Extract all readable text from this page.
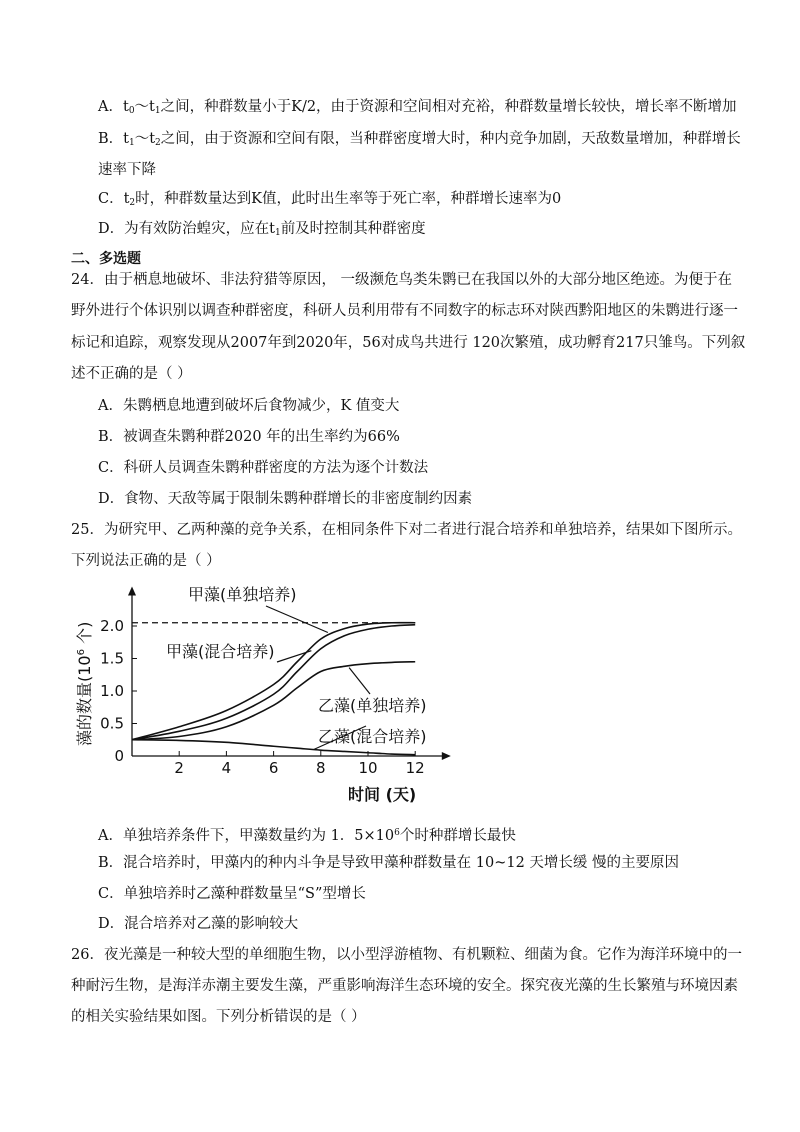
A．$t_0\sim t_1$之间，种群数量小于K/2，由于资源和空间相对充裕，种群数量增长较快，增长率不断增加
B．$t_1\sim t_2$之间，由于资源和空间有限，当种群密度增大时，种内竞争加剧，天敌数量增加，种群增长
速率下降
C．$t_2$时，种群数量达到K值，此时出生率等于死亡率，种群增长速率为0
D．为有效防治蝗灾，应在$t_1$前及时控制其种群密度
二、多选题
24．由于栖息地破坏、非法狩猎等原因， 一级濒危鸟类朱鹮已在我国以外的大部分地区绝迹。为便于在
野外进行个体识别以调查种群密度，科研人员利用带有不同数字的标志环对陕西黔阳地区的朱鹮进行逐一
标记和追踪，观察发现从2007年到2020年，56对成鸟共进行 120次繁殖，成功孵育217只雏鸟。下列叙
述不正确的是（ ）
A．朱鹮栖息地遭到破坏后食物减少，K 值变大
B．被调查朱鹮种群2020 年的出生率约为66%
C．科研人员调查朱鹮种群密度的方法为逐个计数法
D．食物、天敌等属于限制朱鹮种群增长的非密度制约因素
25．为研究甲、乙两种藻的竞争关系，在相同条件下对二者进行混合培养和单独培养，结果如下图所示。
下列说法正确的是（ ）
2	4	6	8 10 12
0
0.5
1.0
1.5
2.0
甲藻(单独培养)
甲藻(混合培养)
乙藻(单独培养)
乙藻(混合培养)
藻的数量($10^6$ 个)
时间 (天)
A．单独培养条件下，甲藻数量约为 1．$5\times 10^6$个时种群增长最快
B．混合培养时，甲藻内的种内斗争是导致甲藻种群数量在 10~12 天增长缓 慢的主要原因
C．单独培养时乙藻种群数量呈“S”型增长
D．混合培养对乙藻的影响较大
26．夜光藻是一种较大型的单细胞生物，以小型浮游植物、有机颗粒、细菌为食。它作为海洋环境中的一
种耐污生物，是海洋赤潮主要发生藻，严重影响海洋生态环境的安全。探究夜光藻的生长繁殖与环境因素
的相关实验结果如图。下列分析错误的是（ ）
